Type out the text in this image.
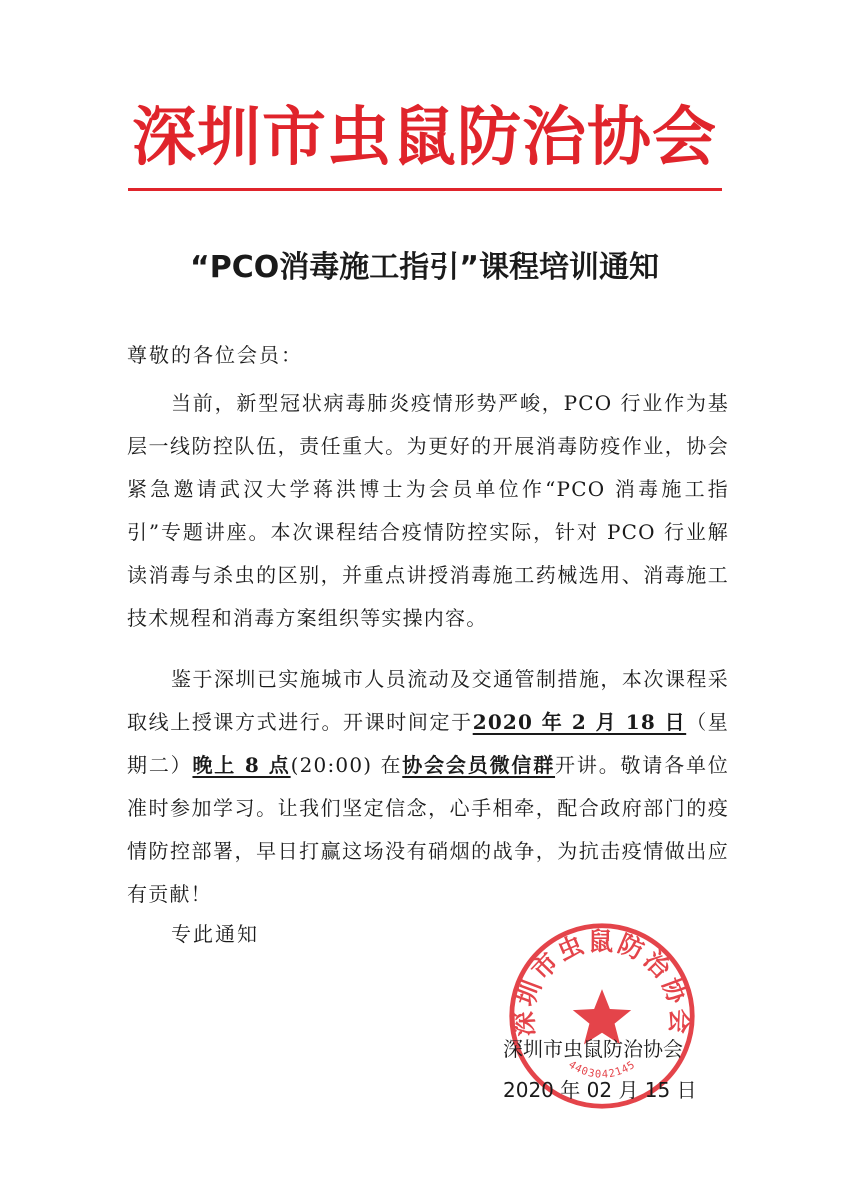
深圳市虫鼠防治协会
“PCO消毒施工指引”课程培训通知
尊敬的各位会员：

当前，新型冠状病毒肺炎疫情形势严峻，PCO 行业作为基层一线防控队伍，责任重大。为更好的开展消毒防疫作业，协会紧急邀请武汉大学蒋洪博士为会员单位作“PCO 消毒施工指引”专题讲座。本次课程结合疫情防控实际，针对 PCO 行业解读消毒与杀虫的区别，并重点讲授消毒施工药械选用、消毒施工技术规程和消毒方案组织等实操内容。

鉴于深圳已实施城市人员流动及交通管制措施，本次课程采取线上授课方式进行。开课时间定于2020 年 2 月 18 日（星期二）晚上 8 点(20:00) 在协会会员微信群开讲。敬请各单位准时参加学习。让我们坚定信念，心手相牵，配合政府部门的疫情防控部署，早日打赢这场没有硝烟的战争，为抗击疫情做出应有贡献！

专此通知
深圳市虫鼠防治协会
4403042145
深圳市虫鼠防治协会
2020 年 02 月 15 日
